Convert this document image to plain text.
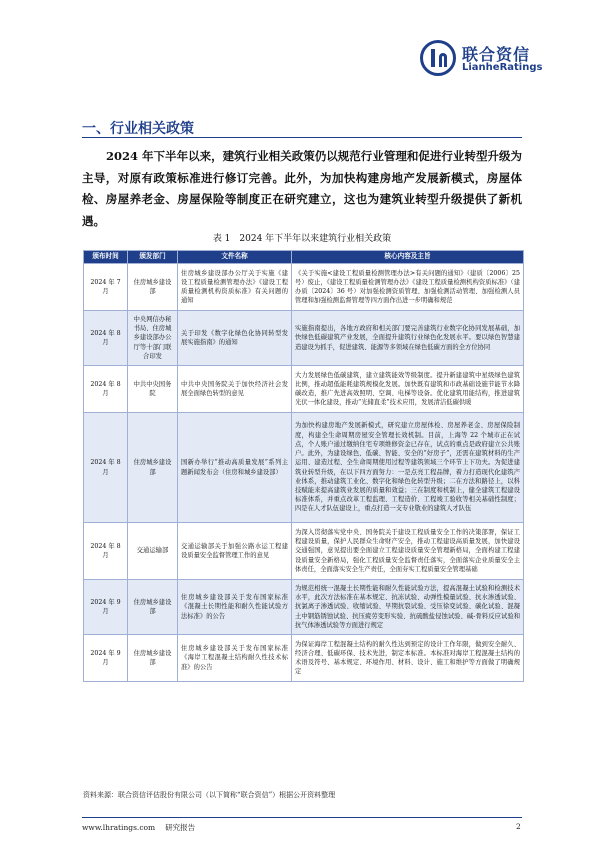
联合资信
LianheRatings
一、行业相关政策

2024 年下半年以来，建筑行业相关政策仍以规范行业管理和促进行业转型升级为主导，对原有政策标准进行修订完善。此外，为加快构建房地产发展新模式，房屋体检、房屋养老金、房屋保险等制度正在研究建立，这也为建筑业转型升级提供了新机遇。

表 1　2024 年下半年以来建筑行业相关政策
颁布时间	颁发部门	文件名称	核心内容及主旨
2024 年 7 月	住房城乡建设部	住房城乡建设部办公厅关于实施《建设工程质量检测管理办法》《建设工程质量检测机构资质标准》有关问题的通知	《关于实施<建设工程质量检测管理办法>有关问题的通知》（建质〔2006〕25 号）废止，《建设工程质量检测管理办法》《建设工程质量检测机构资质标准》（建办质〔2024〕36 号）对加强检测资质管理、加强检测活动管理、加强检测人员管理和加强检测监督管理等四方面作出进一步明确和规范
2024 年 8 月	中央网信办秘书局、住房城乡建设部办公厅等十部门联合印发	关于印发《数字化绿色化协同转型发展实施指南》的通知	实施指南提出，各地方政府和相关部门要完善建筑行业数字化协同发展基础，加快绿色低碳建筑产业发展，全面提升建筑行业绿色化发展水平。要以绿色智慧建造建设为抓手，促进建筑、能源等多领域在绿色低碳方面的全方位协同
2024 年 8 月	中共中央国务院	中共中央国务院关于加快经济社会发展全面绿色转型的意见	大力发展绿色低碳建筑，建立建筑能效等级制度。提升新建建筑中星级绿色建筑比例，推动超低能耗建筑规模化发展。加快既有建筑和市政基础设施节能节水降碳改造，推广先进高效照明、空调、电梯等设备。优化建筑用能结构，推进建筑光伏一体化建设，推动“光储直柔”技术应用，发展清洁低碳供暖
2024 年 8 月	住房城乡建设部	国新办举行“推动高质量发展”系列主题新闻发布会（住房和城乡建设部）	为加快构建房地产发展新模式，研究建立房屋体检、房屋养老金、房屋保险制度，构建全生命周期房屋安全管理长效机制。目前，上海等 22 个城市正在试点，个人账户通过缴纳住宅专项维修资金已存在，试点的重点是政府建立公共账户。此外，为建设绿色、低碳、智能、安全的“好房子”，还需在建筑材料的生产运用、建造过程、全生命周期使用过程等建筑领域三个环节上下功夫。为促进建筑业转型升级，在以下四方面努力：一是点亮工程品牌，着力打造现代化建筑产业体系，推动建筑工业化、数字化和绿色化转型升级；二在方法和路径上，以科技赋能来提高建筑业发展的质量和效益；三在制度和机制上，健全建筑工程建设标准体系，并重点改革工程监理、工程造价、工程竣工验收等相关基础性制度；四是在人才队伍建设上，重点打造一支专业敬业的建筑人才队伍
2024 年 8 月	交通运输部	交通运输部关于加强公路水运工程建设质量安全监督管理工作的意见	为深入贯彻落实党中央、国务院关于建设工程质量安全工作的决策部署，保证工程建设质量，保护人民群众生命财产安全，推动工程建设高质量发展，加快建设交通强国，意见提出要全面建立工程建设质量安全管理新格局，全面构建工程建设质量安全新格局，强化工程质量安全监督责任落实，全面落实企业质量安全主体责任，全面落实安全生产责任，全面夯实工程质量安全管理基础
2024 年 9 月	住房城乡建设部	住房城乡建设部关于发布国家标准《混凝土长期性能和耐久性能试验方法标准》的公告	为规范相统一混凝土长期性能和耐久性能试验方法，提高混凝土试验和检测技术水平，此次方法标准在基本规定、抗冻试验、动弹性模量试验、抗水渗透试验、抗氯离子渗透试验、收缩试验、早期抗裂试验、受压徐变试验、碳化试验、混凝土中钢筋锈蚀试验、抗压疲劳变形实验、抗硫酸盐侵蚀试验、碱-骨料反应试验和抗气体渗透试验等方面进行规定
2024 年 9 月	住房城乡建设部	住房城乡建设部关于发布国家标准《海岸工程混凝土结构耐久性技术标准》的公告	为保证海岸工程混凝土结构的耐久性达到预定的设计工作年限，做到安全耐久、经济合理、低碳环保、技术先进，制定本标准。本标准对海岸工程混凝土结构的术语及符号、基本规定、环境作用、材料、设计、施工和维护等方面做了明确规定
资料来源：联合资信评估股份有限公司（以下简称“联合资信”）根据公开资料整理
www.lhratings.com 研究报告	2
